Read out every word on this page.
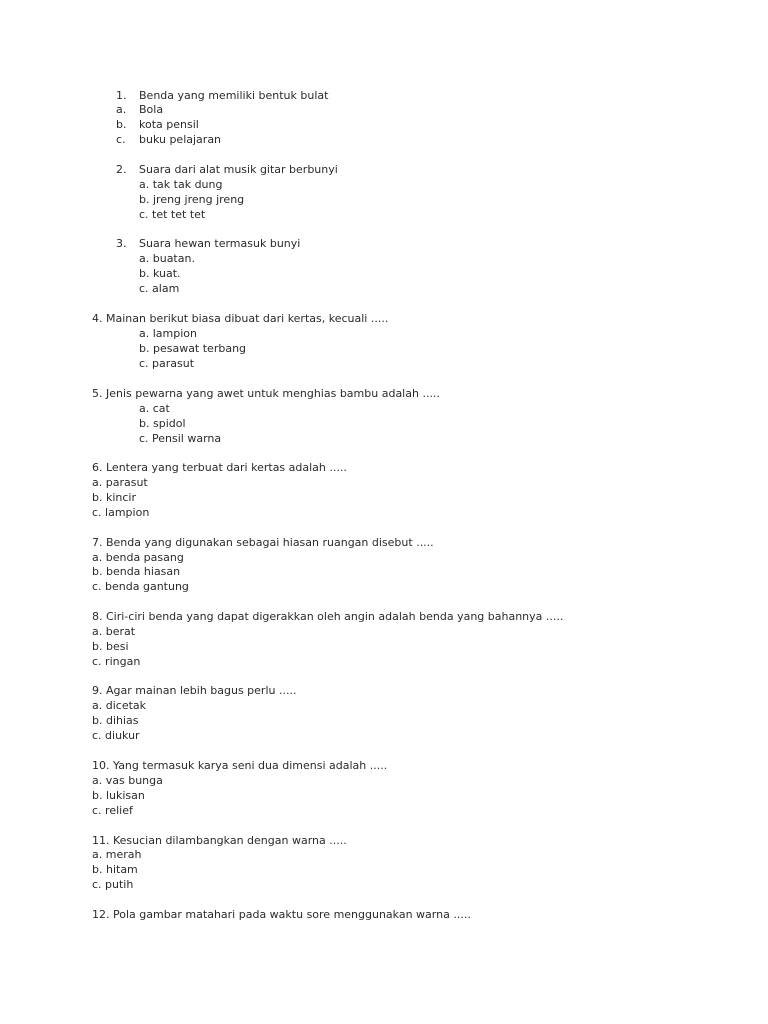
1. Benda yang memiliki bentuk bulat
a. Bola
b. kota pensil
c. buku pelajaran
2. Suara dari alat musik gitar berbunyi
a. tak tak dung
b. jreng jreng jreng
c. tet tet tet
3. Suara hewan termasuk bunyi
a. buatan.
b. kuat.
c. alam
4. Mainan berikut biasa dibuat dari kertas, kecuali .....
a. lampion
b. pesawat terbang
c. parasut
5. Jenis pewarna yang awet untuk menghias bambu adalah .....
a. cat
b. spidol
c. Pensil warna
6. Lentera yang terbuat dari kertas adalah .....
a. parasut
b. kincir
c. lampion
7. Benda yang digunakan sebagai hiasan ruangan disebut .....
a. benda pasang
b. benda hiasan
c. benda gantung
8. Ciri-ciri benda yang dapat digerakkan oleh angin adalah benda yang bahannya .....
a. berat
b. besi
c. ringan
9. Agar mainan lebih bagus perlu .....
a. dicetak
b. dihias
c. diukur
10. Yang termasuk karya seni dua dimensi adalah .....
a. vas bunga
b. lukisan
c. relief
11. Kesucian dilambangkan dengan warna .....
a. merah
b. hitam
c. putih
12. Pola gambar matahari pada waktu sore menggunakan warna .....
